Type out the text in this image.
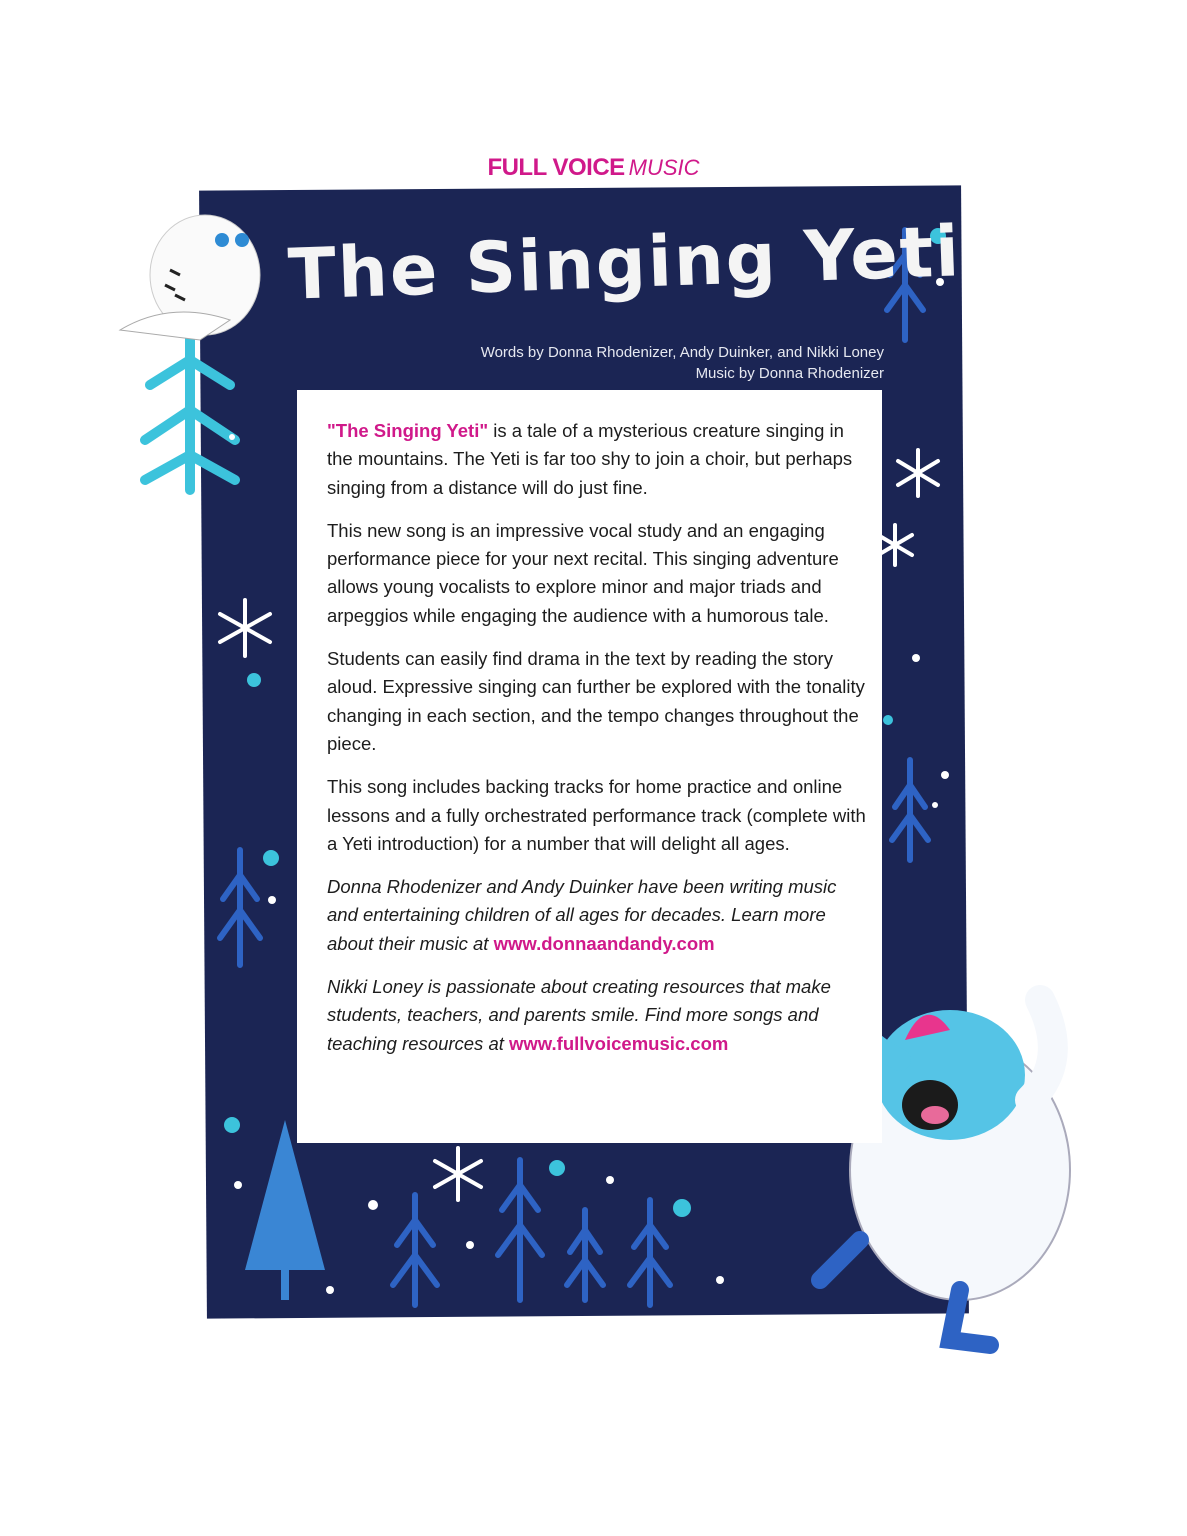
FULL VOICE MUSIC
The Singing Yeti
Words by Donna Rhodenizer, Andy Duinker, and Nikki Loney
Music by Donna Rhodenizer

"The Singing Yeti" is a tale of a mysterious creature singing in the mountains. The Yeti is far too shy to join a choir, but perhaps singing from a distance will do just fine.

This new song is an impressive vocal study and an engaging performance piece for your next recital. This singing adventure allows young vocalists to explore minor and major triads and arpeggios while engaging the audience with a humorous tale.

Students can easily find drama in the text by reading the story aloud. Expressive singing can further be explored with the tonality changing in each section, and the tempo changes throughout the piece.

This song includes backing tracks for home practice and online lessons and a fully orchestrated performance track (complete with a Yeti introduction) for a number that will delight all ages.

Donna Rhodenizer and Andy Duinker have been writing music and entertaining children of all ages for decades. Learn more about their music at www.donnaandandy.com

Nikki Loney is passionate about creating resources that make students, teachers, and parents smile. Find more songs and teaching resources at www.fullvoicemusic.com
